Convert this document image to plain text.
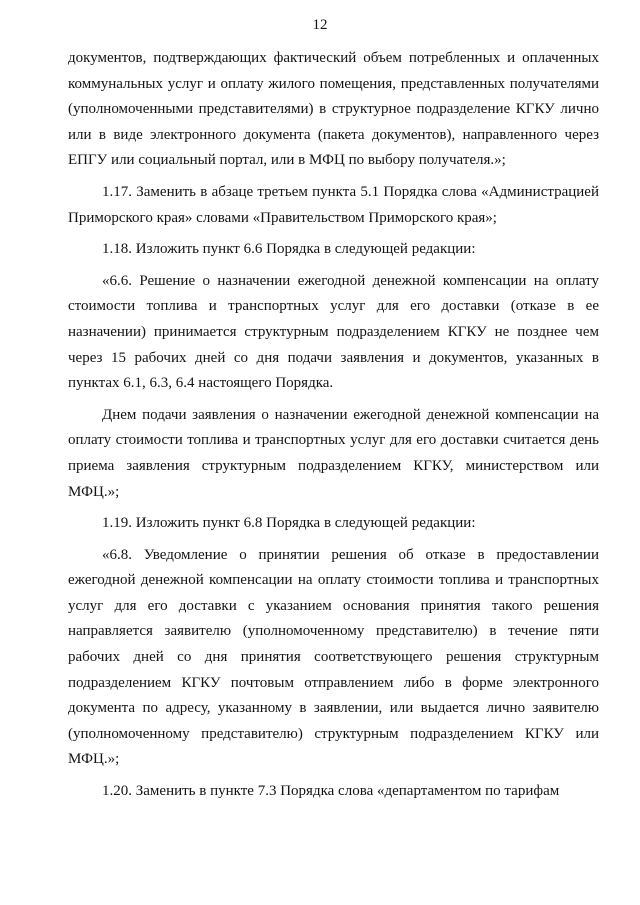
12

документов, подтверждающих фактический объем потребленных и оплаченных коммунальных услуг и оплату жилого помещения, представленных получателями (уполномоченными представителями) в структурное подразделение КГКУ лично или в виде электронного документа (пакета документов), направленного через ЕПГУ или социальный портал, или в МФЦ по выбору получателя.»;

1.17. Заменить в абзаце третьем пункта 5.1 Порядка слова «Администрацией Приморского края» словами «Правительством Приморского края»;

1.18. Изложить пункт 6.6 Порядка в следующей редакции:

«6.6. Решение о назначении ежегодной денежной компенсации на оплату стоимости топлива и транспортных услуг для его доставки (отказе в ее назначении) принимается структурным подразделением КГКУ не позднее чем через 15 рабочих дней со дня подачи заявления и документов, указанных в пунктах 6.1, 6.3, 6.4 настоящего Порядка.

Днем подачи заявления о назначении ежегодной денежной компенсации на оплату стоимости топлива и транспортных услуг для его доставки считается день приема заявления структурным подразделением КГКУ, министерством или МФЦ.»;

1.19. Изложить пункт 6.8 Порядка в следующей редакции:

«6.8. Уведомление о принятии решения об отказе в предоставлении ежегодной денежной компенсации на оплату стоимости топлива и транспортных услуг для его доставки с указанием основания принятия такого решения направляется заявителю (уполномоченному представителю) в течение пяти рабочих дней со дня принятия соответствующего решения структурным подразделением КГКУ почтовым отправлением либо в форме электронного документа по адресу, указанному в заявлении, или выдается лично заявителю (уполномоченному представителю) структурным подразделением КГКУ или МФЦ.»;

1.20. Заменить в пункте 7.3 Порядка слова «департаментом по тарифам
